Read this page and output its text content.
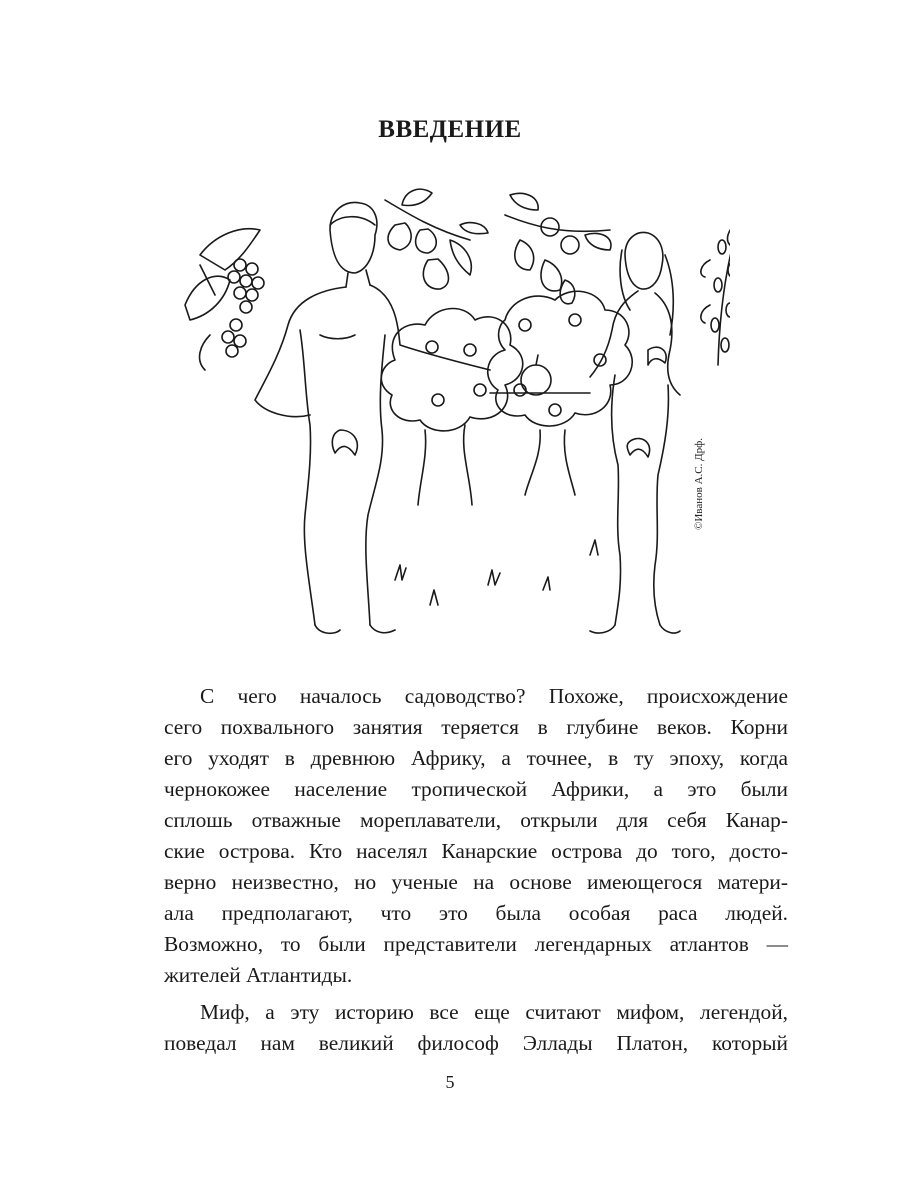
ВВЕДЕНИЕ
©Иванов А.С. Дрф.
С чего началось садоводство? Похоже, происхождение
сего похвального занятия теряется в глубине веков. Корни
его уходят в древнюю Африку, а точнее, в ту эпоху, когда
чернокожее население тропической Африки, а это были
сплошь отважные мореплаватели, открыли для себя Канар-
ские острова. Кто населял Канарские острова до того, досто-
верно неизвестно, но ученые на основе имеющегося матери-
ала предполагают, что это была особая раса людей.
Возможно, то были представители легендарных атлантов —
жителей Атлантиды.
Миф, а эту историю все еще считают мифом, легендой,
поведал нам великий философ Эллады Платон, который
5
